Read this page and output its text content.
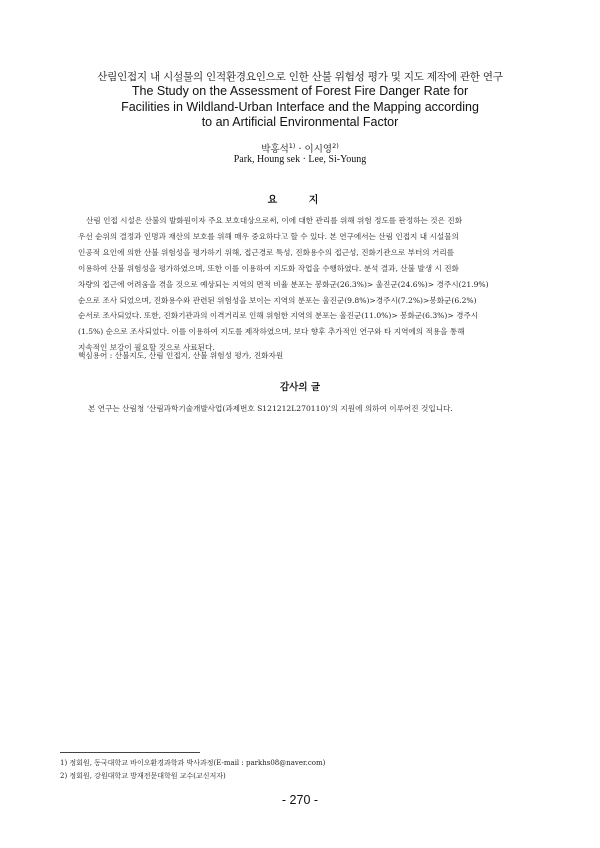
산림인접지 내 시설물의 인적환경요인으로 인한 산불 위험성 평가 및 지도 제작에 관한 연구
The Study on the Assessment of Forest Fire Danger Rate for
Facilities in Wildland-Urban Interface and the Mapping according
to an Artificial Environmental Factor
박홍석$^{1)}$ · 이시영$^{2)}$
Park, Houng sek · Lee, Si-Young
요 지
산림 인접 시설은 산불의 발화원이자 주요 보호대상으로써, 이에 대한 관리를 위해 위험 정도를 판정하는 것은 진화
우선 순위의 결정과 인명과 재산의 보호를 위해 매우 중요하다고 할 수 있다. 본 연구에서는 산림 인접지 내 시설물의
인공적 요인에 의한 산불 위험성을 평가하기 위해, 접근경로 특성, 진화용수의 접근성, 진화기관으로 부터의 거리를
이용하여 산불 위험성을 평가하였으며, 또한 이를 이용하여 지도화 작업을 수행하였다. 분석 결과, 산불 발생 시 진화
차량의 접근에 어려움을 겪을 것으로 예상되는 지역의 면적 비율 분포는 봉화군(26.3%)> 울진군(24.6%)> 경주시(21.9%)
순으로 조사 되었으며, 진화용수와 관련된 위험성을 보이는 지역의 분포는 울진군(9.8%)>경주시(7.2%)>봉화군(6.2%)
순서로 조사되었다. 또한, 진화기관과의 이격거리로 인해 위험한 지역의 분포는 울진군(11.0%)> 봉화군(6.3%)> 경주시
(1.5%) 순으로 조사되었다. 이를 이용하여 지도를 제작하였으며, 보다 향후 추가적인 연구와 타 지역에의 적용을 통해
지속적인 보강이 필요할 것으로 사료된다.
핵심용어 : 산불지도, 산림 인접지, 산불 위험성 평가, 진화자원
감사의 글
본 연구는 산림청 ‘산림과학기술개발사업(과제번호 S121212L270110)’의 지원에 의하여 이루어진 것입니다.
1) 정회원, 동국대학교 바이오환경과학과 박사과정(E-mail : parkhs08@naver.com)
2) 정회원, 강원대학교 방재전문대학원 교수(교신저자)
- 270 -
